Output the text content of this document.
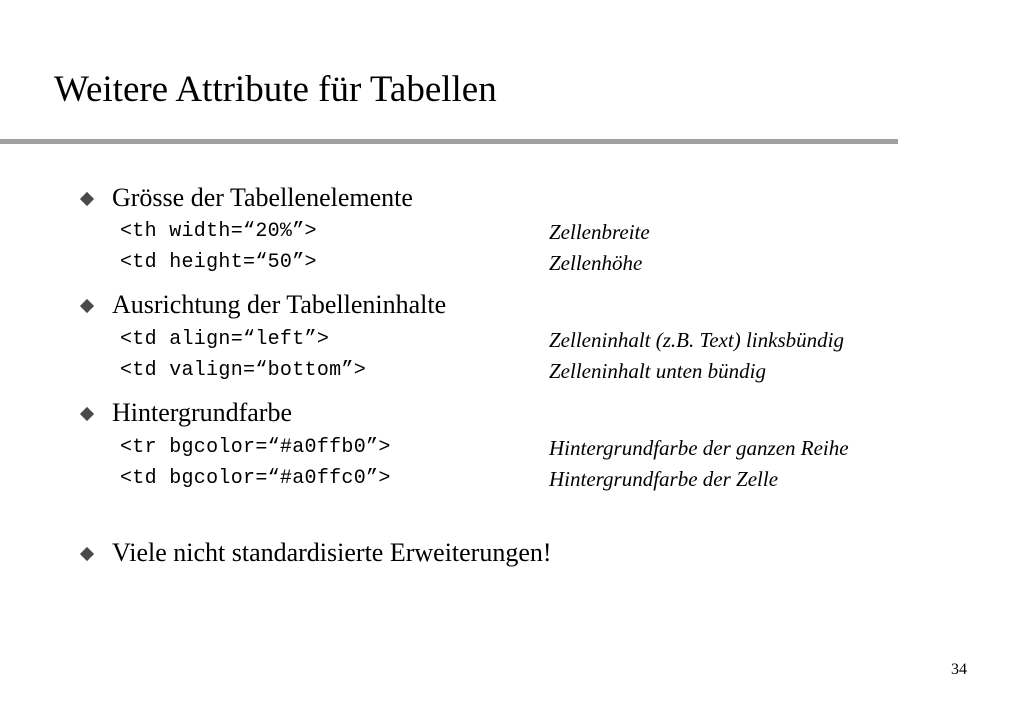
Weitere Attribute für Tabellen
Grösse der Tabellenelemente
<th width=“20%”>	Zellenbreite
<td height=“50”>	Zellenhöhe
Ausrichtung der Tabelleninhalte
<td align=“left”>	Zelleninhalt (z.B. Text) linksbündig
<td valign=“bottom”>	Zelleninhalt unten bündig
Hintergrundfarbe
<tr bgcolor=“#a0ffb0”>	Hintergrundfarbe der ganzen Reihe
<td bgcolor=“#a0ffc0”>	Hintergrundfarbe der Zelle
Viele nicht standardisierte Erweiterungen!
34
